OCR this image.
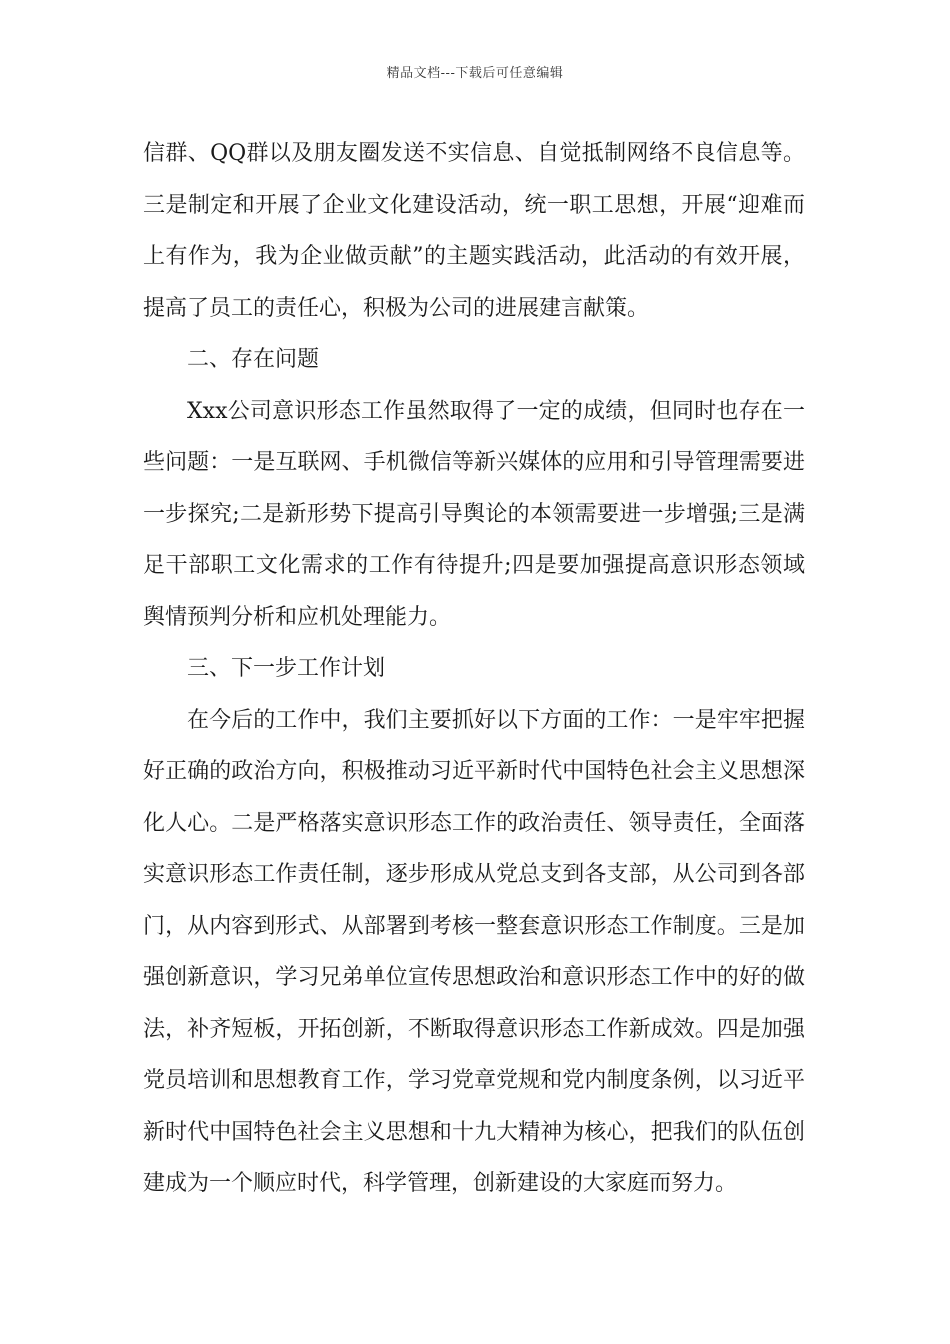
精品文档---下载后可任意编辑

信群、QQ群以及朋友圈发送不实信息、自觉抵制网络不良信息等。三是制定和开展了企业文化建设活动，统一职工思想，开展“迎难而上有作为，我为企业做贡献”的主题实践活动，此活动的有效开展，提高了员工的责任心，积极为公司的进展建言献策。

二、存在问题

Xxx公司意识形态工作虽然取得了一定的成绩，但同时也存在一些问题：一是互联网、手机微信等新兴媒体的应用和引导管理需要进一步探究;二是新形势下提高引导舆论的本领需要进一步增强;三是满足干部职工文化需求的工作有待提升;四是要加强提高意识形态领域舆情预判分析和应机处理能力。

三、下一步工作计划

在今后的工作中，我们主要抓好以下方面的工作：一是牢牢把握好正确的政治方向，积极推动习近平新时代中国特色社会主义思想深化人心。二是严格落实意识形态工作的政治责任、领导责任，全面落实意识形态工作责任制，逐步形成从党总支到各支部，从公司到各部门，从内容到形式、从部署到考核一整套意识形态工作制度。三是加强创新意识，学习兄弟单位宣传思想政治和意识形态工作中的好的做法，补齐短板，开拓创新，不断取得意识形态工作新成效。四是加强党员培训和思想教育工作，学习党章党规和党内制度条例，以习近平新时代中国特色社会主义思想和十九大精神为核心，把我们的队伍创建成为一个顺应时代，科学管理，创新建设的大家庭而努力。
